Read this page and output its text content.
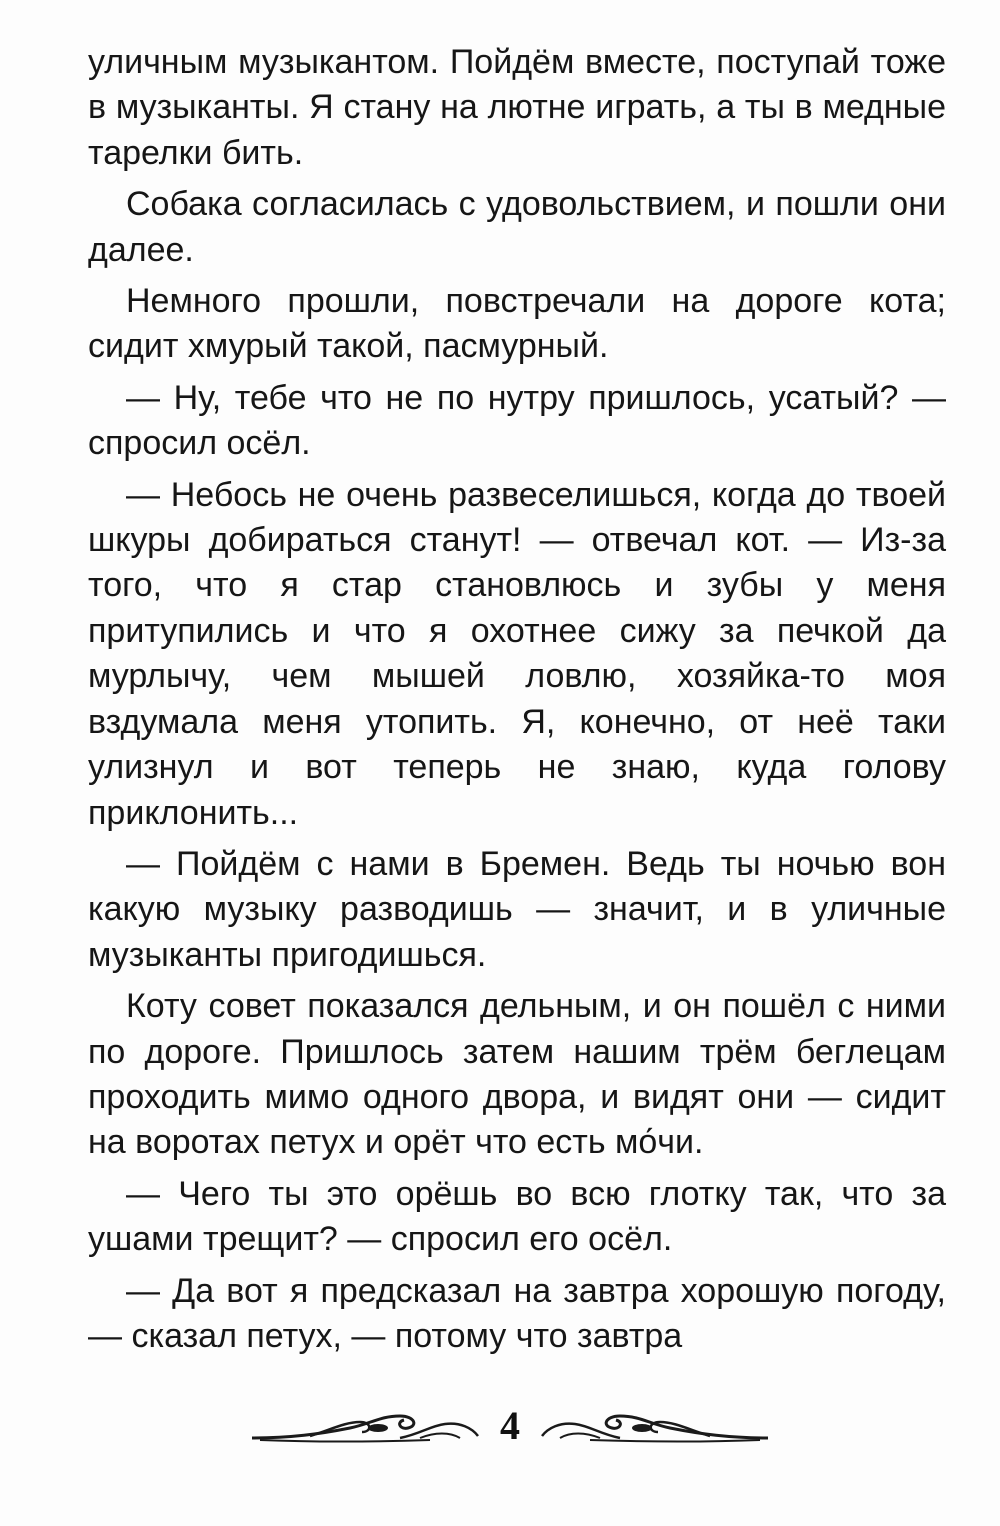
уличным музыкантом. Пойдём вместе, поступай тоже в музыканты. Я стану на лютне играть, а ты в медные тарелки бить.

Собака согласилась с удовольствием, и пошли они далее.

Немного прошли, повстречали на дороге кота; сидит хмурый такой, пасмурный.

— Ну, тебе что не по нутру пришлось, усатый? — спросил осёл.

— Небось не очень развеселишься, когда до твоей шкуры добираться станут! — отвечал кот. — Из-за того, что я стар становлюсь и зубы у меня притупились и что я охотнее сижу за печкой да мурлычу, чем мышей ловлю, хозяйка-то моя вздумала меня утопить. Я, конечно, от неё таки улизнул и вот теперь не знаю, куда голову приклонить...

— Пойдём с нами в Бремен. Ведь ты ночью вон какую музыку разводишь — значит, и в уличные музыканты пригодишься.

Коту совет показался дельным, и он пошёл с ними по дороге. Пришлось затем нашим трём беглецам проходить мимо одного двора, и видят они — сидит на воротах петух и орёт что есть мо́чи.

— Чего ты это орёшь во всю глотку так, что за ушами трещит? — спросил его осёл.

— Да вот я предсказал на завтра хорошую погоду, — сказал петух, — потому что завтра

4
